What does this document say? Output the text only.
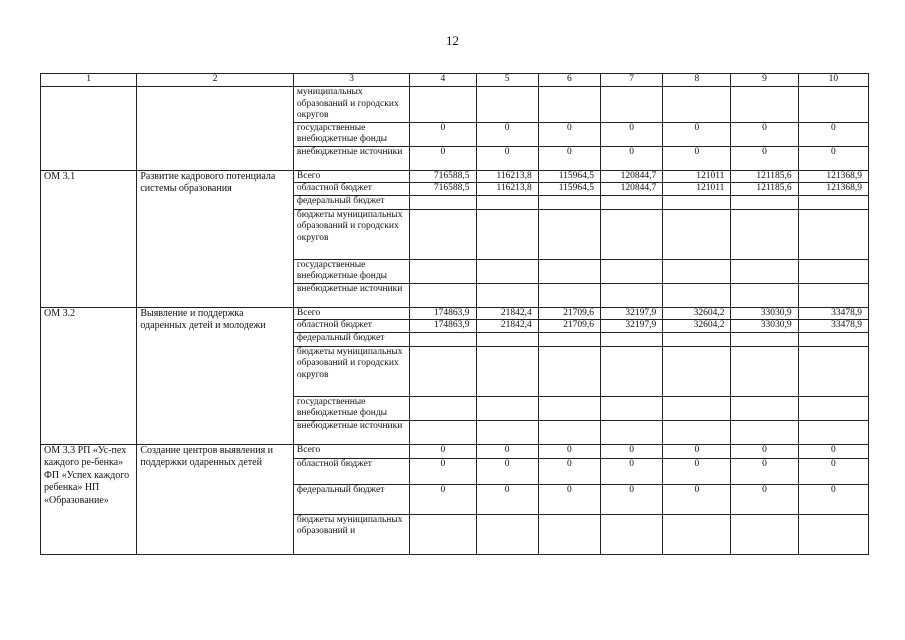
12
1	2	3	4	5	6	7	8	9	10
		муниципальных образований и городских округов							
		государственные внебюджетные фонды	0	0	0	0	0	0	0
		внебюджетные источники	0	0	0	0	0	0	0
ОМ 3.1	Развитие кадрового потенциала системы образования	Всего	716588,5	116213,8	115964,5	120844,7	121011	121185,6	121368,9
		областной бюджет	716588,5	116213,8	115964,5	120844,7	121011	121185,6	121368,9
		федеральный бюджет							
		бюджеты муниципальных образований и городских округов							
		государственные внебюджетные фонды							
		внебюджетные источники							
ОМ 3.2	Выявление и поддержка одаренных детей и молодежи	Всего	174863,9	21842,4	21709,6	32197,9	32604,2	33030,9	33478,9
		областной бюджет	174863,9	21842,4	21709,6	32197,9	32604,2	33030,9	33478,9
		федеральный бюджет							
		бюджеты муниципальных образований и городских округов							
		государственные внебюджетные фонды							
		внебюджетные источники							
ОМ 3.3 РП «Ус-пех каждого ре-бенка» ФП «Успех каждого ребенка» НП «Образование»	Создание центров выявления и поддержки одаренных детей	Всего	0	0	0	0	0	0	0
		областной бюджет	0	0	0	0	0	0	0
		федеральный бюджет	0	0	0	0	0	0	0
		бюджеты муниципальных образований и							
